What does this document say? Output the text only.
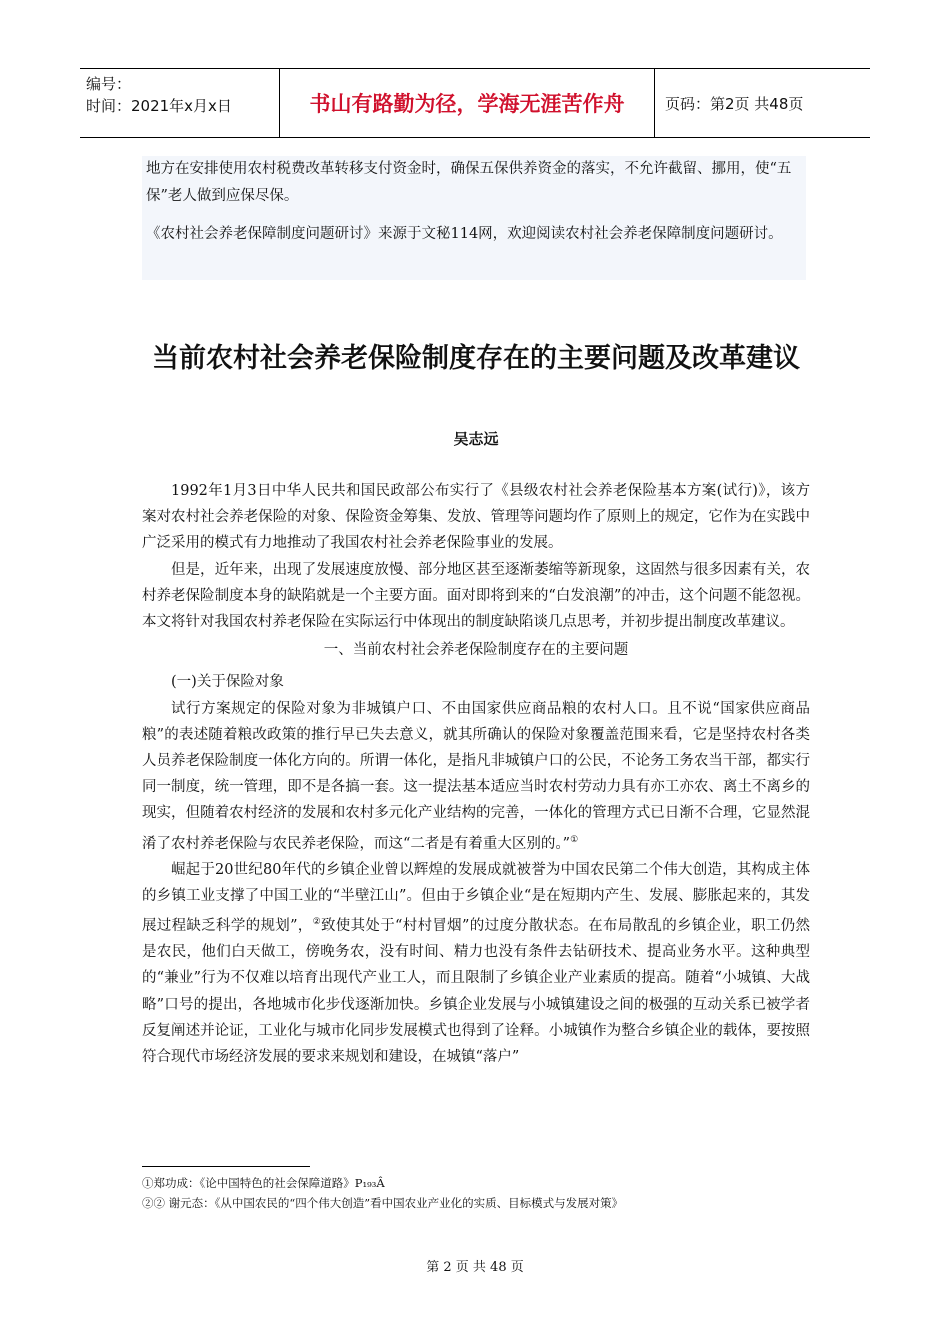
编号：
时间：2021年x月x日	书山有路勤为径，学海无涯苦作舟	页码：第2页 共48页

地方在安排使用农村税费改革转移支付资金时，确保五保供养资金的落实，不允许截留、挪用，使“五保”老人做到应保尽保。

《农村社会养老保障制度问题研讨》来源于文秘114网，欢迎阅读农村社会养老保障制度问题研讨。

当前农村社会养老保险制度存在的主要问题及改革建议
吴志远

1992年1月3日中华人民共和国民政部公布实行了《县级农村社会养老保险基本方案(试行)》，该方案对农村社会养老保险的对象、保险资金筹集、发放、管理等问题均作了原则上的规定，它作为在实践中广泛采用的模式有力地推动了我国农村社会养老保险事业的发展。

但是，近年来，出现了发展速度放慢、部分地区甚至逐渐萎缩等新现象，这固然与很多因素有关，农村养老保险制度本身的缺陷就是一个主要方面。面对即将到来的“白发浪潮”的冲击，这个问题不能忽视。本文将针对我国农村养老保险在实际运行中体现出的制度缺陷谈几点思考，并初步提出制度改革建议。

一、当前农村社会养老保险制度存在的主要问题

(一)关于保险对象

试行方案规定的保险对象为非城镇户口、不由国家供应商品粮的农村人口。且不说“国家供应商品粮”的表述随着粮改政策的推行早已失去意义，就其所确认的保险对象覆盖范围来看，它是坚持农村各类人员养老保险制度一体化方向的。所谓一体化，是指凡非城镇户口的公民，不论务工务农当干部，都实行同一制度，统一管理，即不是各搞一套。这一提法基本适应当时农村劳动力具有亦工亦农、离土不离乡的现实，但随着农村经济的发展和农村多元化产业结构的完善，一体化的管理方式已日渐不合理，它显然混淆了农村养老保险与农民养老保险，而这“二者是有着重大区别的。”①

崛起于20世纪80年代的乡镇企业曾以辉煌的发展成就被誉为中国农民第二个伟大创造，其构成主体的乡镇工业支撑了中国工业的“半壁江山”。但由于乡镇企业“是在短期内产生、发展、膨胀起来的，其发展过程缺乏科学的规划”，②致使其处于“村村冒烟”的过度分散状态。在布局散乱的乡镇企业，职工仍然是农民，他们白天做工，傍晚务农，没有时间、精力也没有条件去钻研技术、提高业务水平。这种典型的“兼业”行为不仅难以培育出现代产业工人，而且限制了乡镇企业产业素质的提高。随着“小城镇、大战略”口号的提出，各地城市化步伐逐渐加快。乡镇企业发展与小城镇建设之间的极强的互动关系已被学者反复阐述并论证，工业化与城市化同步发展模式也得到了诠释。小城镇作为整合乡镇企业的载体，要按照符合现代市场经济发展的要求来规划和建设，在城镇“落户”

①郑功成：《论中国特色的社会保障道路》P₁₉₃Â
②② 谢元态：《从中国农民的“四个伟大创造”看中国农业产业化的实质、目标模式与发展对策》
第 2 页 共 48 页
